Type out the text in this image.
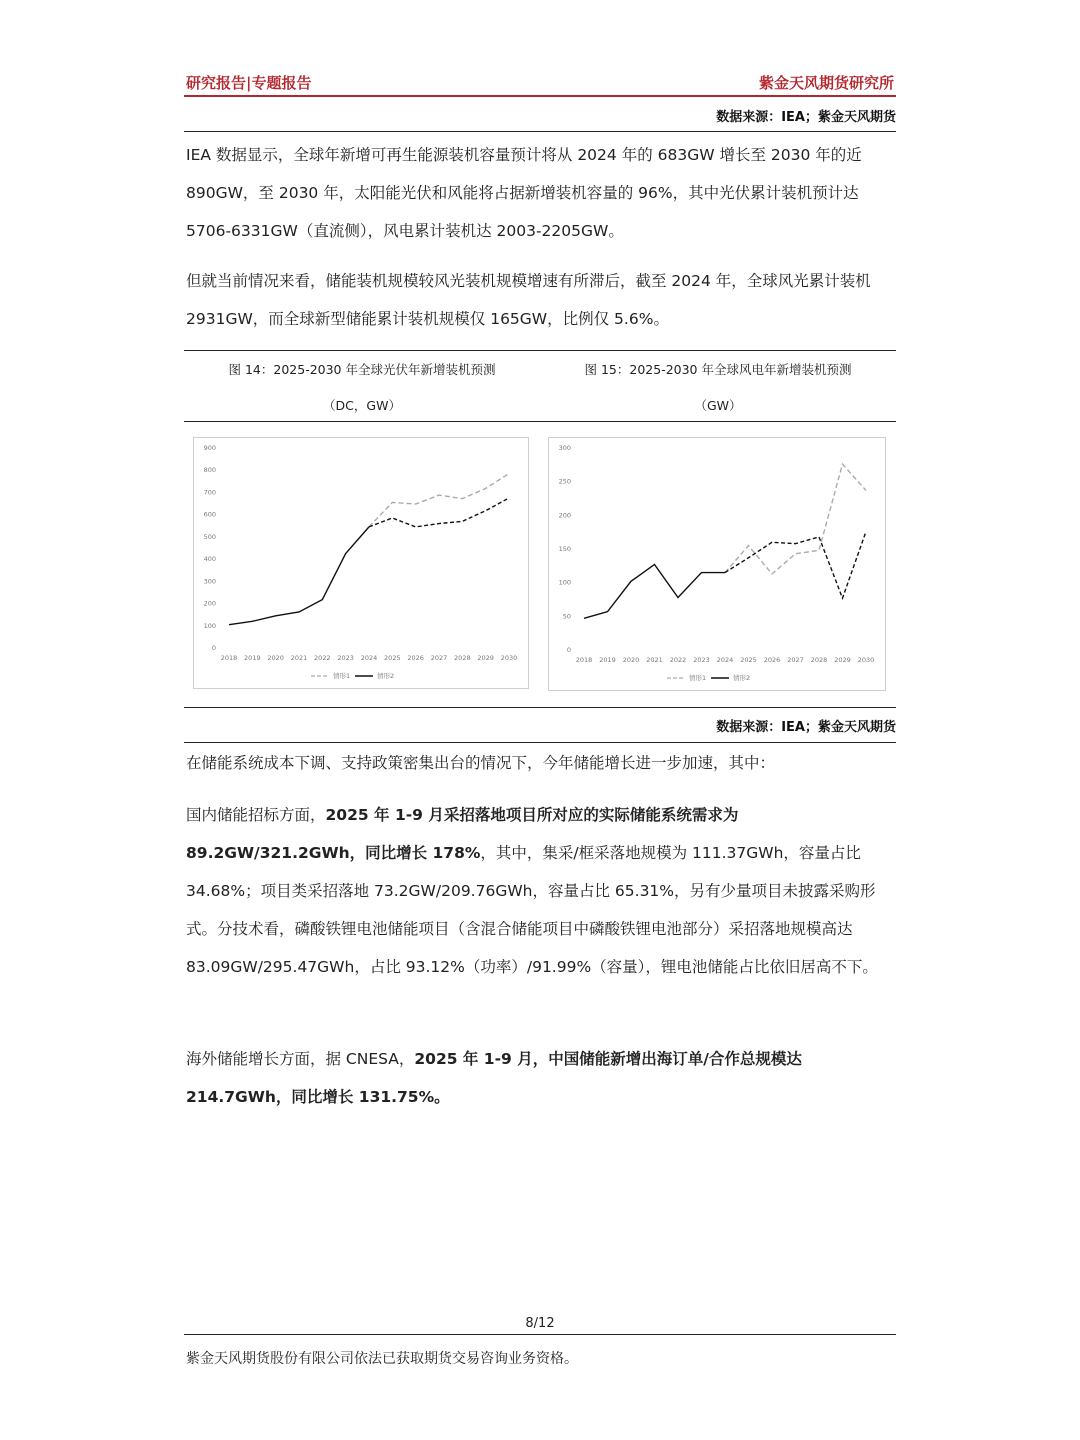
研究报告|专题报告	紫金天风期货研究所
数据来源：IEA；紫金天风期货

IEA 数据显示，全球年新增可再生能源装机容量预计将从 2024 年的 683GW 增长至 2030 年的近 890GW，至 2030 年，太阳能光伏和风能将占据新增装机容量的 96%，其中光伏累计装机预计达 5706-6331GW（直流侧），风电累计装机达 2003-2205GW。

但就当前情况来看，储能装机规模较风光装机规模增速有所滞后，截至 2024 年，全球风光累计装机 2931GW，而全球新型储能累计装机规模仅 165GW，比例仅 5.6%。

图 14：2025-2030 年全球光伏年新增装机预测
（DC，GW）
图 15：2025-2030 年全球风电年新增装机预测
（GW）
0
100
200
300
400
500
600
700
800
900
2018 2019 2020 2021 2022 2023 2024 2025 2026 2027 2028 2029 2030
情形1	情形2
0
50
100
150
200
250
300
2018 2019 2020 2021 2022 2023 2024 2025 2026 2027 2028 2029 2030
情形1	情形2
数据来源：IEA；紫金天风期货

在储能系统成本下调、支持政策密集出台的情况下，今年储能增长进一步加速，其中：

国内储能招标方面，2025 年 1-9 月采招落地项目所对应的实际储能系统需求为 89.2GW/321.2GWh，同比增长 178%，其中，集采/框采落地规模为 111.37GWh，容量占比 34.68%；项目类采招落地 73.2GW/209.76GWh，容量占比 65.31%，另有少量项目未披露采购形式。分技术看，磷酸铁锂电池储能项目（含混合储能项目中磷酸铁锂电池部分）采招落地规模高达 83.09GW/295.47GWh，占比 93.12%（功率）/91.99%（容量），锂电池储能占比依旧居高不下。

海外储能增长方面，据 CNESA，2025 年 1-9 月，中国储能新增出海订单/合作总规模达 214.7GWh，同比增长 131.75%。

8/12
紫金天风期货股份有限公司依法已获取期货交易咨询业务资格。
